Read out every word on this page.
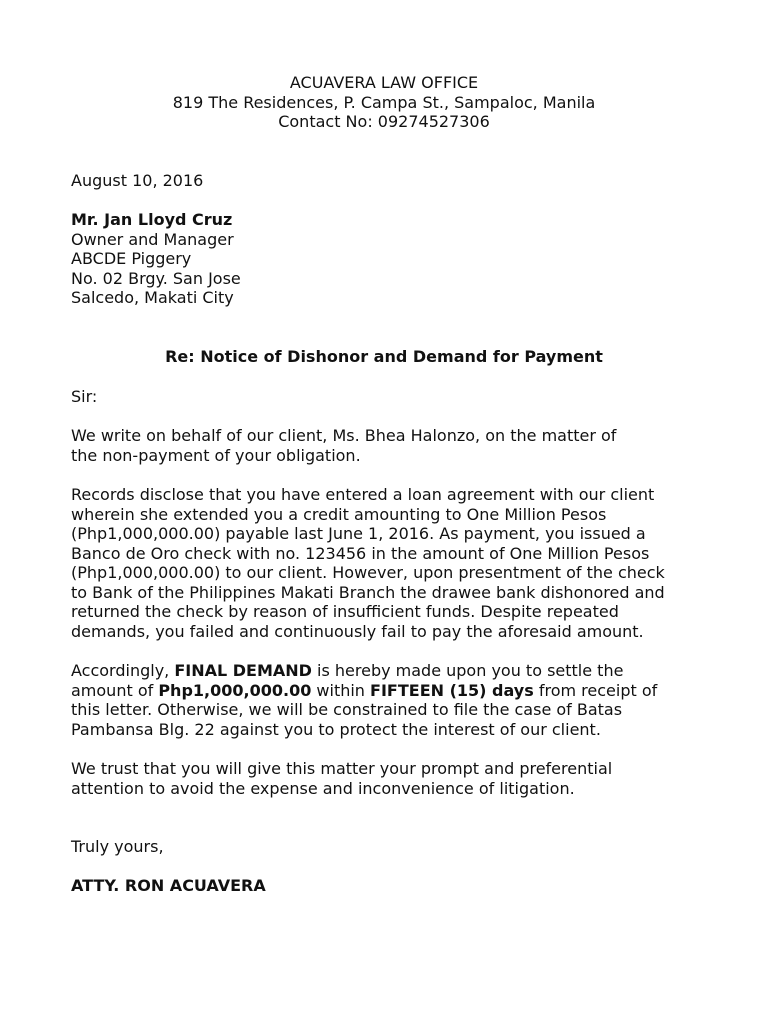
ACUAVERA LAW OFFICE
819 The Residences, P. Campa St., Sampaloc, Manila
Contact No: 09274527306
August 10, 2016
Mr. Jan Lloyd Cruz
Owner and Manager
ABCDE Piggery
No. 02 Brgy. San Jose
Salcedo, Makati City
Re: Notice of Dishonor and Demand for Payment
Sir:
We write on behalf of our client, Ms. Bhea Halonzo, on the matter of
the non-payment of your obligation.
Records disclose that you have entered a loan agreement with our client
wherein she extended you a credit amounting to One Million Pesos
(Php1,000,000.00) payable last June 1, 2016. As payment, you issued a
Banco de Oro check with no. 123456 in the amount of One Million Pesos
(Php1,000,000.00) to our client. However, upon presentment of the check
to Bank of the Philippines Makati Branch the drawee bank dishonored and
returned the check by reason of insufficient funds. Despite repeated
demands, you failed and continuously fail to pay the aforesaid amount.
Accordingly, FINAL DEMAND is hereby made upon you to settle the
amount of Php1,000,000.00 within FIFTEEN (15) days from receipt of
this letter. Otherwise, we will be constrained to file the case of Batas
Pambansa Blg. 22 against you to protect the interest of our client.
We trust that you will give this matter your prompt and preferential
attention to avoid the expense and inconvenience of litigation.
Truly yours,
ATTY. RON ACUAVERA
